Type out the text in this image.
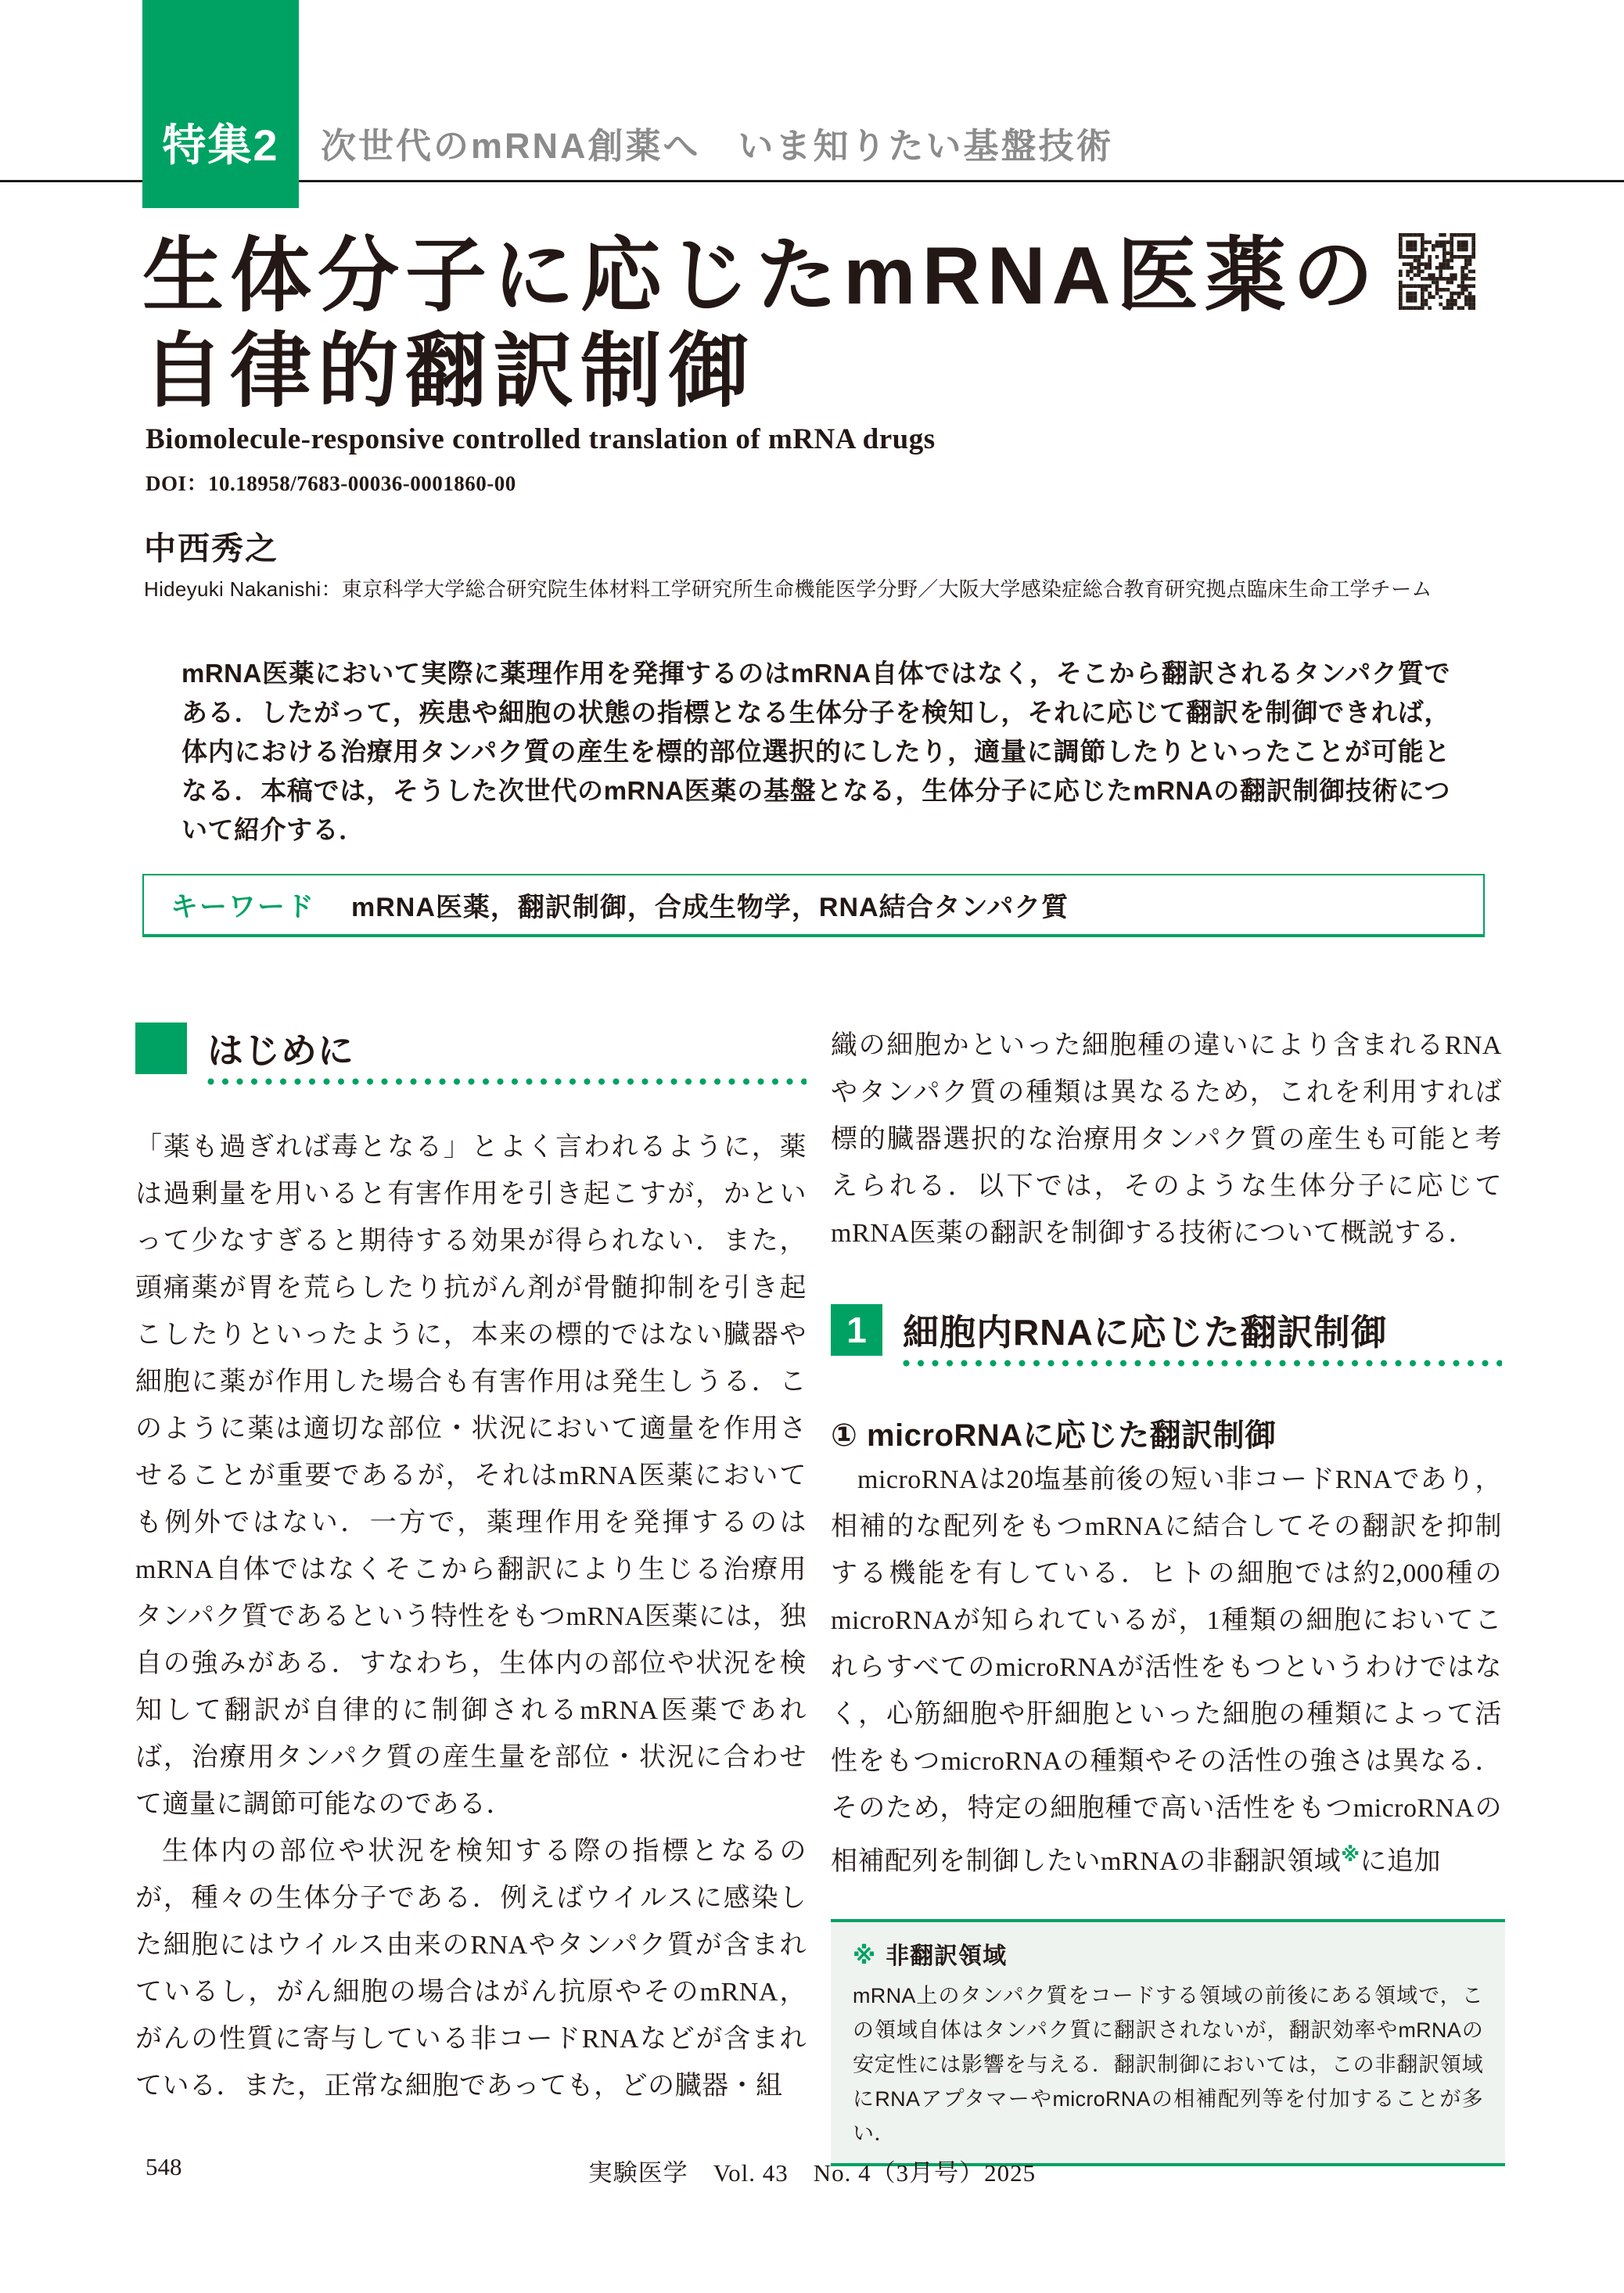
特集2	次世代のmRNA創薬へ　いま知りたい基盤技術
生体分子に応じたmRNA医薬の
自律的翻訳制御
Biomolecule-responsive controlled translation of mRNA drugs
DOI：10.18958/7683-00036-0001860-00
中西秀之
Hideyuki Nakanishi：東京科学大学総合研究院生体材料工学研究所生命機能医学分野／大阪大学感染症総合教育研究拠点臨床生命工学チーム
mRNA医薬において実際に薬理作用を発揮するのはmRNA自体ではなく，そこから翻訳されるタンパク質である．したがって，疾患や細胞の状態の指標となる生体分子を検知し，それに応じて翻訳を制御できれば，体内における治療用タンパク質の産生を標的部位選択的にしたり，適量に調節したりといったことが可能となる．本稿では，そうした次世代のmRNA医薬の基盤となる，生体分子に応じたmRNAの翻訳制御技術について紹介する．
キーワード mRNA医薬，翻訳制御，合成生物学，RNA結合タンパク質
はじめに

「薬も過ぎれば毒となる」とよく言われるように，薬は過剰量を用いると有害作用を引き起こすが，かといって少なすぎると期待する効果が得られない．また，頭痛薬が胃を荒らしたり抗がん剤が骨髄抑制を引き起こしたりといったように，本来の標的ではない臓器や細胞に薬が作用した場合も有害作用は発生しうる．このように薬は適切な部位・状況において適量を作用させることが重要であるが，それはmRNA医薬においても例外ではない．一方で，薬理作用を発揮するのはmRNA自体ではなくそこから翻訳により生じる治療用タンパク質であるという特性をもつmRNA医薬には，独自の強みがある．すなわち，生体内の部位や状況を検知して翻訳が自律的に制御されるmRNA医薬であれば，治療用タンパク質の産生量を部位・状況に合わせて適量に調節可能なのである．

生体内の部位や状況を検知する際の指標となるのが，種々の生体分子である．例えばウイルスに感染した細胞にはウイルス由来のRNAやタンパク質が含まれているし，がん細胞の場合はがん抗原やそのmRNA，がんの性質に寄与している非コードRNAなどが含まれている．また，正常な細胞であっても，どの臓器・組

織の細胞かといった細胞種の違いにより含まれるRNAやタンパク質の種類は異なるため，これを利用すれば標的臓器選択的な治療用タンパク質の産生も可能と考えられる．以下では，そのような生体分子に応じてmRNA医薬の翻訳を制御する技術について概説する．

1 細胞内RNAに応じた翻訳制御
① microRNAに応じた翻訳制御

microRNAは20塩基前後の短い非コードRNAであり，相補的な配列をもつmRNAに結合してその翻訳を抑制する機能を有している．ヒトの細胞では約2,000種のmicroRNAが知られているが，1種類の細胞においてこれらすべてのmicroRNAが活性をもつというわけではなく，心筋細胞や肝細胞といった細胞の種類によって活性をもつmicroRNAの種類やその活性の強さは異なる．そのため，特定の細胞種で高い活性をもつmicroRNAの相補配列を制御したいmRNAの非翻訳領域※に追加

※ 非翻訳領域
mRNA上のタンパク質をコードする領域の前後にある領域で，この領域自体はタンパク質に翻訳されないが，翻訳効率やmRNAの安定性には影響を与える．翻訳制御においては，この非翻訳領域にRNAアプタマーやmicroRNAの相補配列等を付加することが多い．
548	実験医学　Vol. 43　No. 4（3月号）2025
